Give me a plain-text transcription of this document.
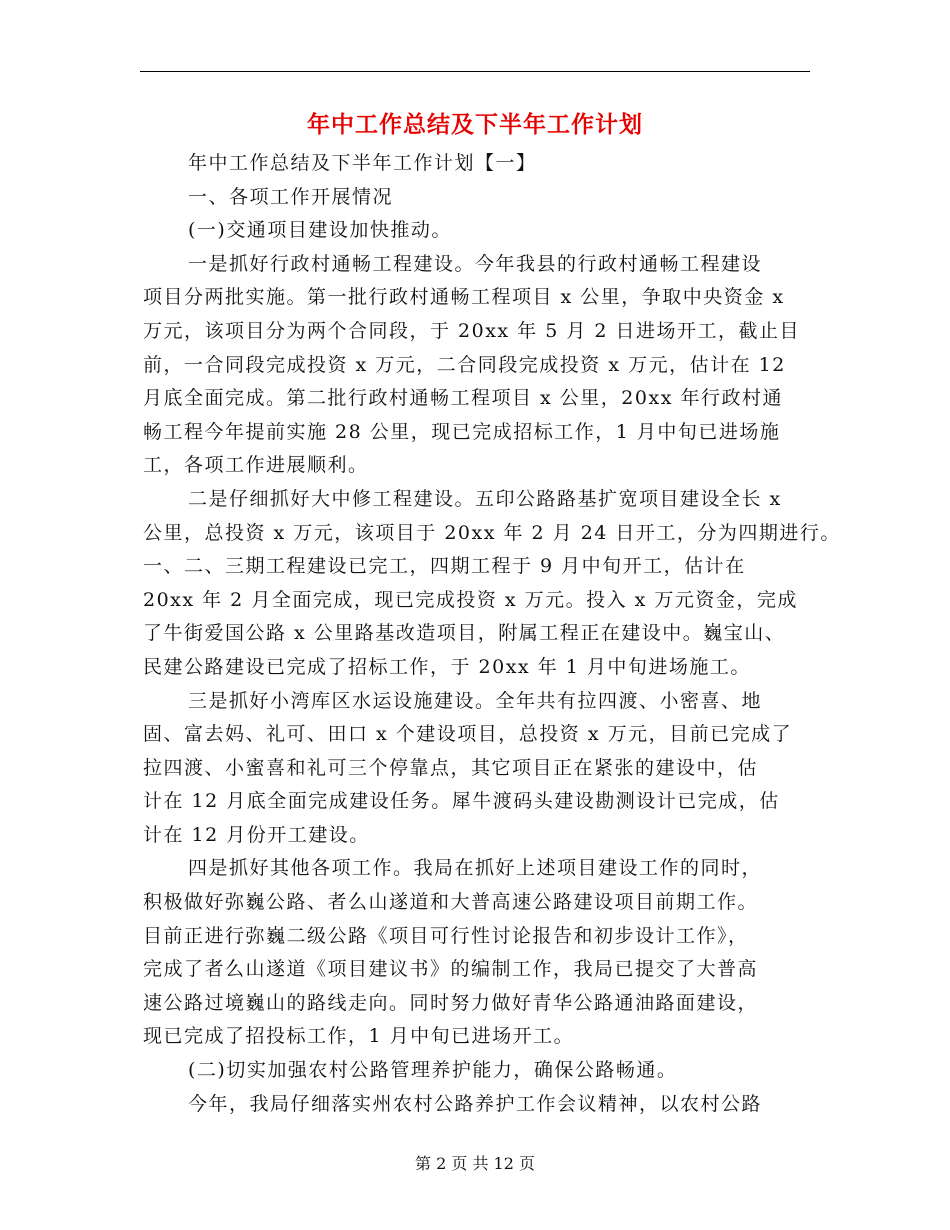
年中工作总结及下半年工作计划
年中工作总结及下半年工作计划【一】
一、各项工作开展情况
(一)交通项目建设加快推动。
一是抓好行政村通畅工程建设。今年我县的行政村通畅工程建设
项目分两批实施。第一批行政村通畅工程项目 x 公里，争取中央资金 x
万元，该项目分为两个合同段，于 20xx 年 5 月 2 日进场开工，截止目
前，一合同段完成投资 x 万元，二合同段完成投资 x 万元，估计在 12
月底全面完成。第二批行政村通畅工程项目 x 公里，20xx 年行政村通
畅工程今年提前实施 28 公里，现已完成招标工作，1 月中旬已进场施
工，各项工作进展顺利。
二是仔细抓好大中修工程建设。五印公路路基扩宽项目建设全长 x
公里，总投资 x 万元，该项目于 20xx 年 2 月 24 日开工，分为四期进行。
一、二、三期工程建设已完工，四期工程于 9 月中旬开工，估计在
20xx 年 2 月全面完成，现已完成投资 x 万元。投入 x 万元资金，完成
了牛街爱国公路 x 公里路基改造项目，附属工程正在建设中。巍宝山、
民建公路建设已完成了招标工作，于 20xx 年 1 月中旬进场施工。
三是抓好小湾库区水运设施建设。全年共有拉四渡、小密喜、地
固、富去妈、礼可、田口 x 个建设项目，总投资 x 万元，目前已完成了
拉四渡、小蜜喜和礼可三个停靠点，其它项目正在紧张的建设中，估
计在 12 月底全面完成建设任务。犀牛渡码头建设勘测设计已完成，估
计在 12 月份开工建设。
四是抓好其他各项工作。我局在抓好上述项目建设工作的同时，
积极做好弥巍公路、者么山遂道和大普高速公路建设项目前期工作。
目前正进行弥巍二级公路《项目可行性讨论报告和初步设计工作》，
完成了者么山遂道《项目建议书》的编制工作，我局已提交了大普高
速公路过境巍山的路线走向。同时努力做好青华公路通油路面建设，
现已完成了招投标工作，1 月中旬已进场开工。
(二)切实加强农村公路管理养护能力，确保公路畅通。
今年，我局仔细落实州农村公路养护工作会议精神，以农村公路
第 2 页 共 12 页
